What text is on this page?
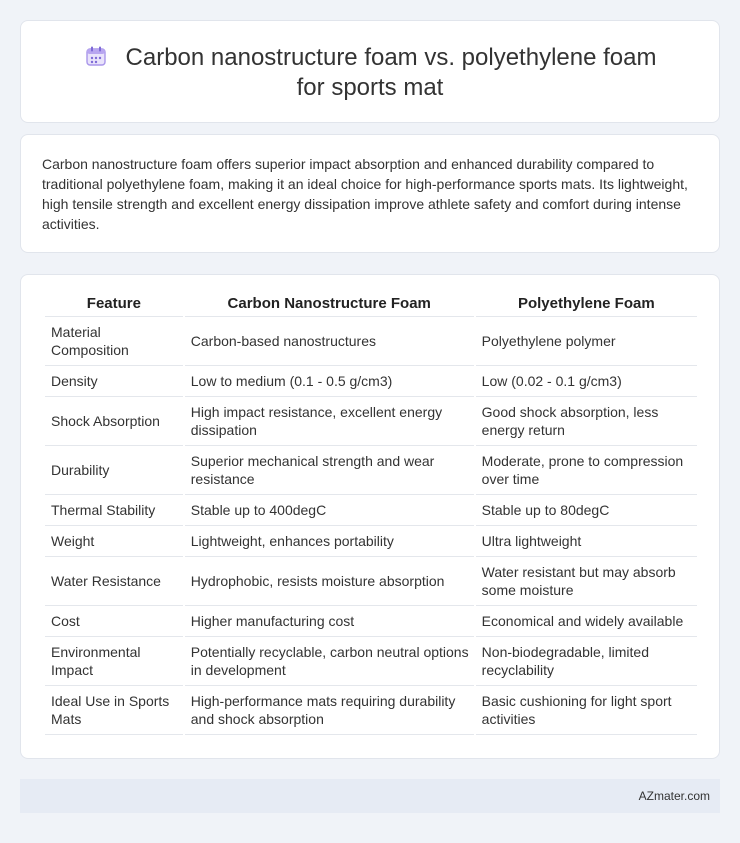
Carbon nanostructure foam vs. polyethylene foam for sports mat

Carbon nanostructure foam offers superior impact absorption and enhanced durability compared to traditional polyethylene foam, making it an ideal choice for high-performance sports mats. Its lightweight, high tensile strength and excellent energy dissipation improve athlete safety and comfort during intense activities.

Feature	Carbon Nanostructure Foam	Polyethylene Foam
Material Composition	Carbon-based nanostructures	Polyethylene polymer
Density	Low to medium (0.1 - 0.5 g/cm3)	Low (0.02 - 0.1 g/cm3)
Shock Absorption	High impact resistance, excellent energy dissipation	Good shock absorption, less energy return
Durability	Superior mechanical strength and wear resistance	Moderate, prone to compression over time
Thermal Stability	Stable up to 400degC	Stable up to 80degC
Weight	Lightweight, enhances portability	Ultra lightweight
Water Resistance	Hydrophobic, resists moisture absorption	Water resistant but may absorb some moisture
Cost	Higher manufacturing cost	Economical and widely available
Environmental Impact	Potentially recyclable, carbon neutral options in development	Non-biodegradable, limited recyclability
Ideal Use in Sports Mats	High-performance mats requiring durability and shock absorption	Basic cushioning for light sport activities
AZmater.com
